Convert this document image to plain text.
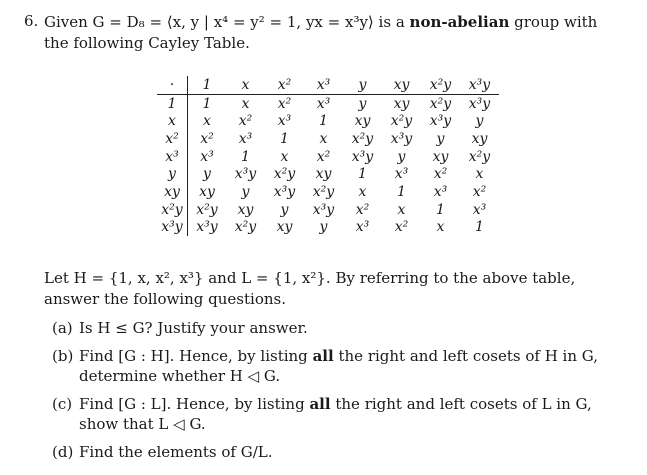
6. Given G = D₈ = ⟨x, y | x⁴ = y² = 1, yx = x³y⟩ is a non-abelian group with the following Cayley Table.
·	1	x	x²	x³	y	xy	x²y	x³y
1	1	x	x²	x³	y	xy	x²y	x³y
x	x	x²	x³	1	xy	x²y	x³y	y
x²	x²	x³	1	x	x²y	x³y	y	xy
x³	x³	1	x	x²	x³y	y	xy	x²y
y	y	x³y	x²y	xy	1	x³	x²	x
xy	xy	y	x³y	x²y	x	1	x³	x²
x²y	x²y	xy	y	x³y	x²	x	1	x³
x³y	x³y	x²y	xy	y	x³	x²	x	1
Let H = {1, x, x², x³} and L = {1, x²}. By referring to the above table, answer the following questions.
(a) Is H ≤ G? Justify your answer.
(b) Find [G : H]. Hence, by listing all the right and left cosets of H in G, determine whether H ◁ G.
(c) Find [G : L]. Hence, by listing all the right and left cosets of L in G, show that L ◁ G.
(d) Find the elements of G/L.
